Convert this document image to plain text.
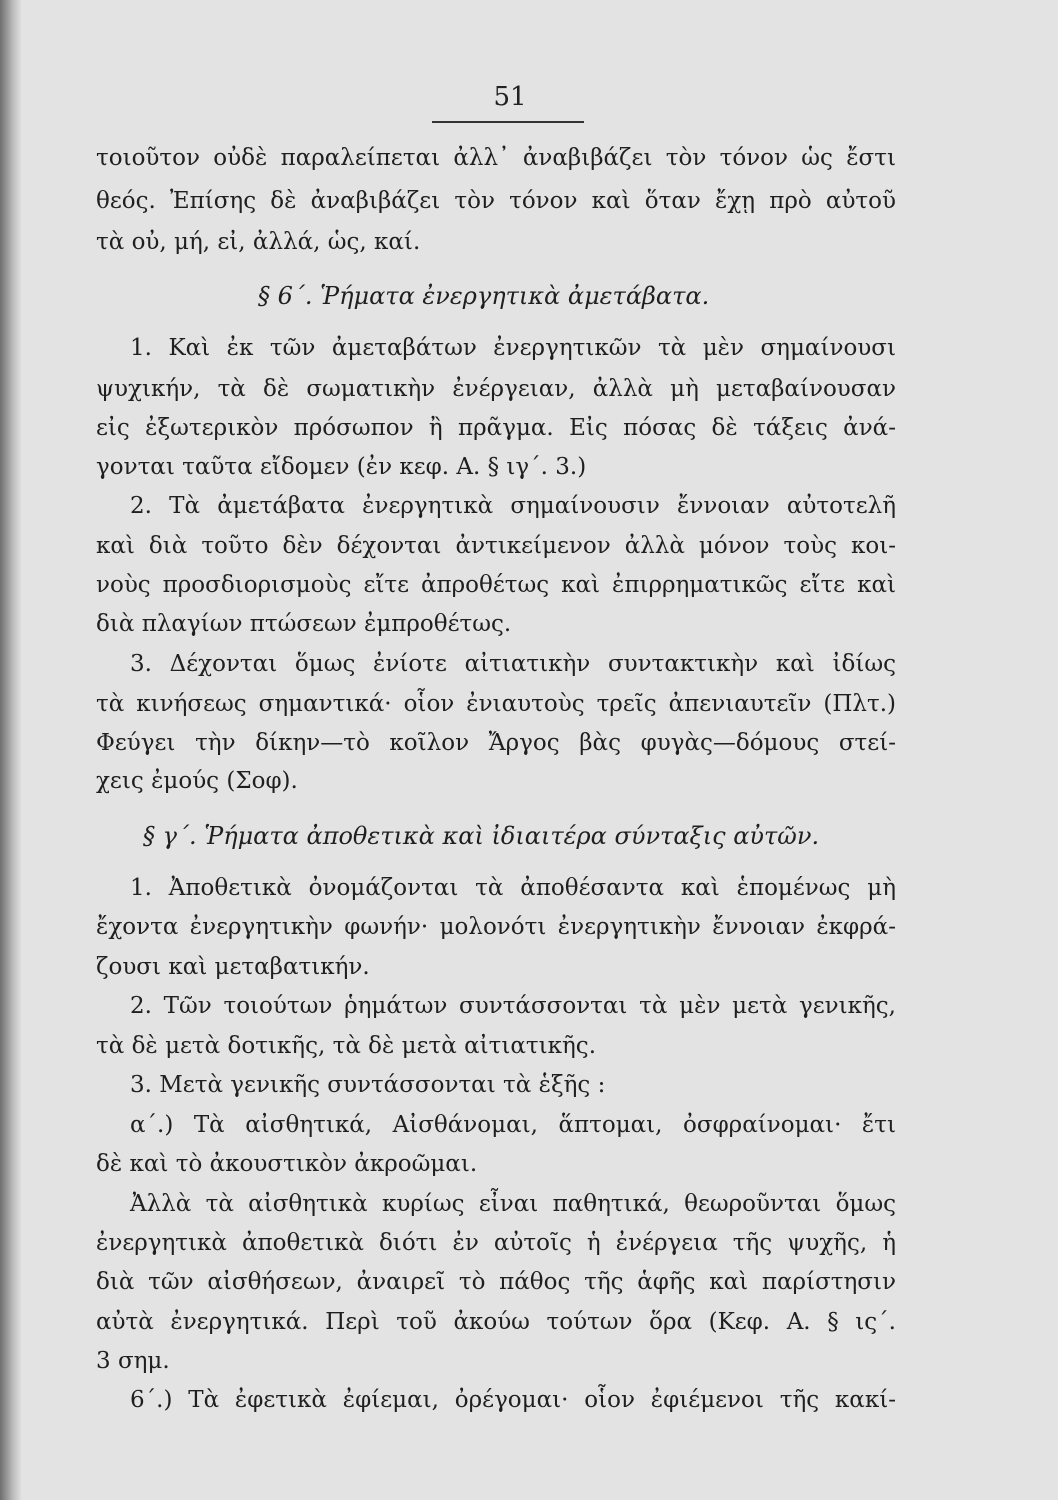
51
τοιοῦτον οὐδὲ παραλείπεται ἀλλ᾿ ἀναβιβάζει τὸν τόνον ὡς ἔστι
θεός. Ἐπίσης δὲ ἀναβιβάζει τὸν τόνον καὶ ὅταν ἔχῃ πρὸ αὐτοῦ
τὰ οὐ, μή, εἰ, ἀλλά, ὡς, καί.
§ 6΄. Ῥήματα ἐνεργητικὰ ἀμετάβατα.
1. Καὶ ἐκ τῶν ἀμεταβάτων ἐνεργητικῶν τὰ μὲν σημαίνουσι
ψυχικήν, τὰ δὲ σωματικὴν ἐνέργειαν, ἀλλὰ μὴ μεταβαίνουσαν
εἰς ἐξωτερικὸν πρόσωπον ἢ πρᾶγμα. Εἰς πόσας δὲ τάξεις ἀνά-
γονται ταῦτα εἴδομεν (ἐν κεφ. Α. § ιγ΄. 3.)
2. Τὰ ἀμετάβατα ἐνεργητικὰ σημαίνουσιν ἔννοιαν αὐτοτελῆ
καὶ διὰ τοῦτο δὲν δέχονται ἀντικείμενον ἀλλὰ μόνον τοὺς κοι-
νοὺς προσδιορισμοὺς εἴτε ἀπροθέτως καὶ ἐπιρρηματικῶς εἴτε καὶ
διὰ πλαγίων πτώσεων ἐμπροθέτως.
3. Δέχονται ὅμως ἐνίοτε αἰτιατικὴν συντακτικὴν καὶ ἰδίως
τὰ κινήσεως σημαντικά· οἷον ἐνιαυτοὺς τρεῖς ἀπενιαυτεῖν (Πλτ.)
Φεύγει τὴν δίκην—τὸ κοῖλον Ἄργος βὰς φυγὰς—δόμους στεί-
χεις ἐμούς (Σοφ).
§ γ΄. Ῥήματα ἀποθετικὰ καὶ ἰδιαιτέρα σύνταξις αὐτῶν.
1. Ἀποθετικὰ ὀνομάζονται τὰ ἀποθέσαντα καὶ ἑπομένως μὴ
ἔχοντα ἐνεργητικὴν φωνήν· μολονότι ἐνεργητικὴν ἔννοιαν ἐκφρά-
ζουσι καὶ μεταβατικήν.
2. Τῶν τοιούτων ῥημάτων συντάσσονται τὰ μὲν μετὰ γενικῆς,
τὰ δὲ μετὰ δοτικῆς, τὰ δὲ μετὰ αἰτιατικῆς.
3. Μετὰ γενικῆς συντάσσονται τὰ ἑξῆς :
α΄.) Τὰ αἰσθητικά, Αἰσθάνομαι, ἅπτομαι, ὀσφραίνομαι· ἔτι
δὲ καὶ τὸ ἀκουστικὸν ἀκροῶμαι.
Ἀλλὰ τὰ αἰσθητικὰ κυρίως εἶναι παθητικά, θεωροῦνται ὅμως
ἐνεργητικὰ ἀποθετικὰ διότι ἐν αὐτοῖς ἡ ἐνέργεια τῆς ψυχῆς, ἡ
διὰ τῶν αἰσθήσεων, ἀναιρεῖ τὸ πάθος τῆς ἁφῆς καὶ παρίστησιν
αὐτὰ ἐνεργητικά. Περὶ τοῦ ἀκούω τούτων ὅρα (Κεφ. Α. § ις΄.
3 σημ.
6΄.) Τὰ ἐφετικὰ ἐφίεμαι, ὀρέγομαι· οἷον ἐφιέμενοι τῆς κακί-
